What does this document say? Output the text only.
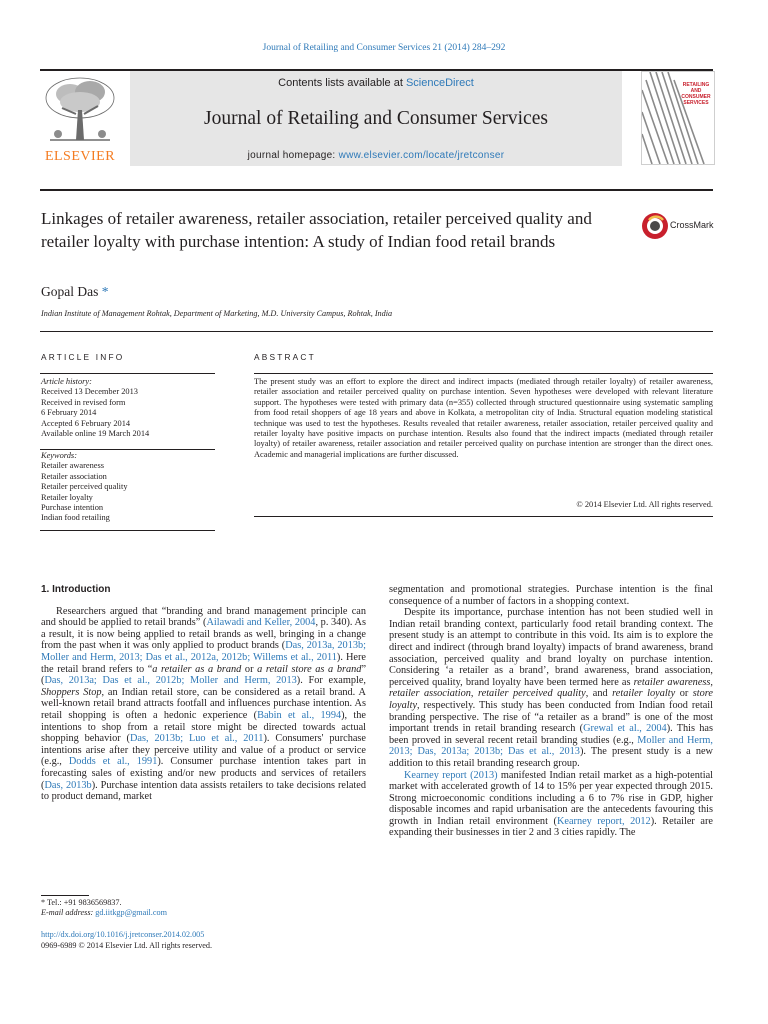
Journal of Retailing and Consumer Services 21 (2014) 284–292
Contents lists available at ScienceDirect
Journal of Retailing and Consumer Services
journal homepage: www.elsevier.com/locate/jretconser
ELSEVIER
RETAILING AND CONSUMER SERVICES
Linkages of retailer awareness, retailer association, retailer perceived quality and retailer loyalty with purchase intention: A study of Indian food retail brands
CrossMark
Gopal Das *
Indian Institute of Management Rohtak, Department of Marketing, M.D. University Campus, Rohtak, India
ARTICLE INFO	ABSTRACT
Article history:
Received 13 December 2013
Received in revised form
6 February 2014
Accepted 6 February 2014
Available online 19 March 2014
Keywords:
Retailer awareness
Retailer association
Retailer perceived quality
Retailer loyalty
Purchase intention
Indian food retailing
The present study was an effort to explore the direct and indirect impacts (mediated through retailer loyalty) of retailer awareness, retailer association and retailer perceived quality on purchase intention. Seven hypotheses were developed with relevant literature support. The hypotheses were tested with primary data (n=355) collected through structured questionnaire using systematic sampling from food retail shoppers of age 18 years and above in Kolkata, a metropolitan city of India. Structural equation modeling statistical technique was used to test the hypotheses. Results revealed that retailer awareness, retailer association, retailer perceived quality and retailer loyalty have positive impacts on purchase intention. Results also found that the indirect impacts (mediated through retailer loyalty) of retailer awareness, retailer association and retailer perceived quality on purchase intention are stronger than the direct ones. Academic and managerial implications are further discussed.
© 2014 Elsevier Ltd. All rights reserved.

1. Introduction

Researchers argued that “branding and brand management principle can and should be applied to retail brands” (Ailawadi and Keller, 2004, p. 340). As a result, it is now being applied to retail brands as well, bringing in a change from the past when it was only applied to product brands (Das, 2013a, 2013b; Moller and Herm, 2013; Das et al., 2012a, 2012b; Willems et al., 2011). Here the retail brand refers to “a retailer as a brand or a retail store as a brand” (Das, 2013a; Das et al., 2012b; Moller and Herm, 2013). For example, Shoppers Stop, an Indian retail store, can be considered as a retail brand. A well-known retail brand attracts footfall and influences purchase intention. As retail shopping is often a hedonic experience (Babin et al., 1994), the intentions to shop from a retail store might be directed towards actual shopping behavior (Das, 2013b; Luo et al., 2011). Consumers' purchase intentions arise after they perceive utility and value of a product or service (e.g., Dodds et al., 1991). Consumer purchase intention takes part in forecasting sales of existing and/or new products and services of retailers (Das, 2013b). Purchase intention data assists retailers to take decisions related to product demand, market

segmentation and promotional strategies. Purchase intention is the final consequence of a number of factors in a shopping context.

Despite its importance, purchase intention has not been studied well in Indian retail branding context, particularly food retail branding context. The present study is an attempt to contribute in this void. Its aim is to explore the direct and indirect (through brand loyalty) impacts of brand awareness, brand association, perceived quality and brand loyalty on purchase intention. Considering ‘a retailer as a brand’, brand awareness, brand association, perceived quality, brand loyalty have been termed here as retailer awareness, retailer association, retailer perceived quality, and retailer loyalty or store loyalty, respectively. This study has been conducted from Indian food retail branding perspective. The rise of “a retailer as a brand” is one of the most important trends in retail branding research (Grewal et al., 2004). This has been proved in several recent retail branding studies (e.g., Moller and Herm, 2013; Das, 2013a; 2013b; Das et al., 2013). The present study is a new addition to this retail branding research group.

Kearney report (2013) manifested Indian retail market as a high-potential market with accelerated growth of 14 to 15% per year expected through 2015. Strong microeconomic conditions including a 6 to 7% rise in GDP, higher disposable incomes and rapid urbanisation are the antecedents favouring this growth in Indian retail environment (Kearney report, 2012). Retailer are expanding their businesses in tier 2 and 3 cities rapidly. The

* Tel.: +91 9836569837.
E-mail address: gd.iitkgp@gmail.com
http://dx.doi.org/10.1016/j.jretconser.2014.02.005
0969-6989 © 2014 Elsevier Ltd. All rights reserved.
